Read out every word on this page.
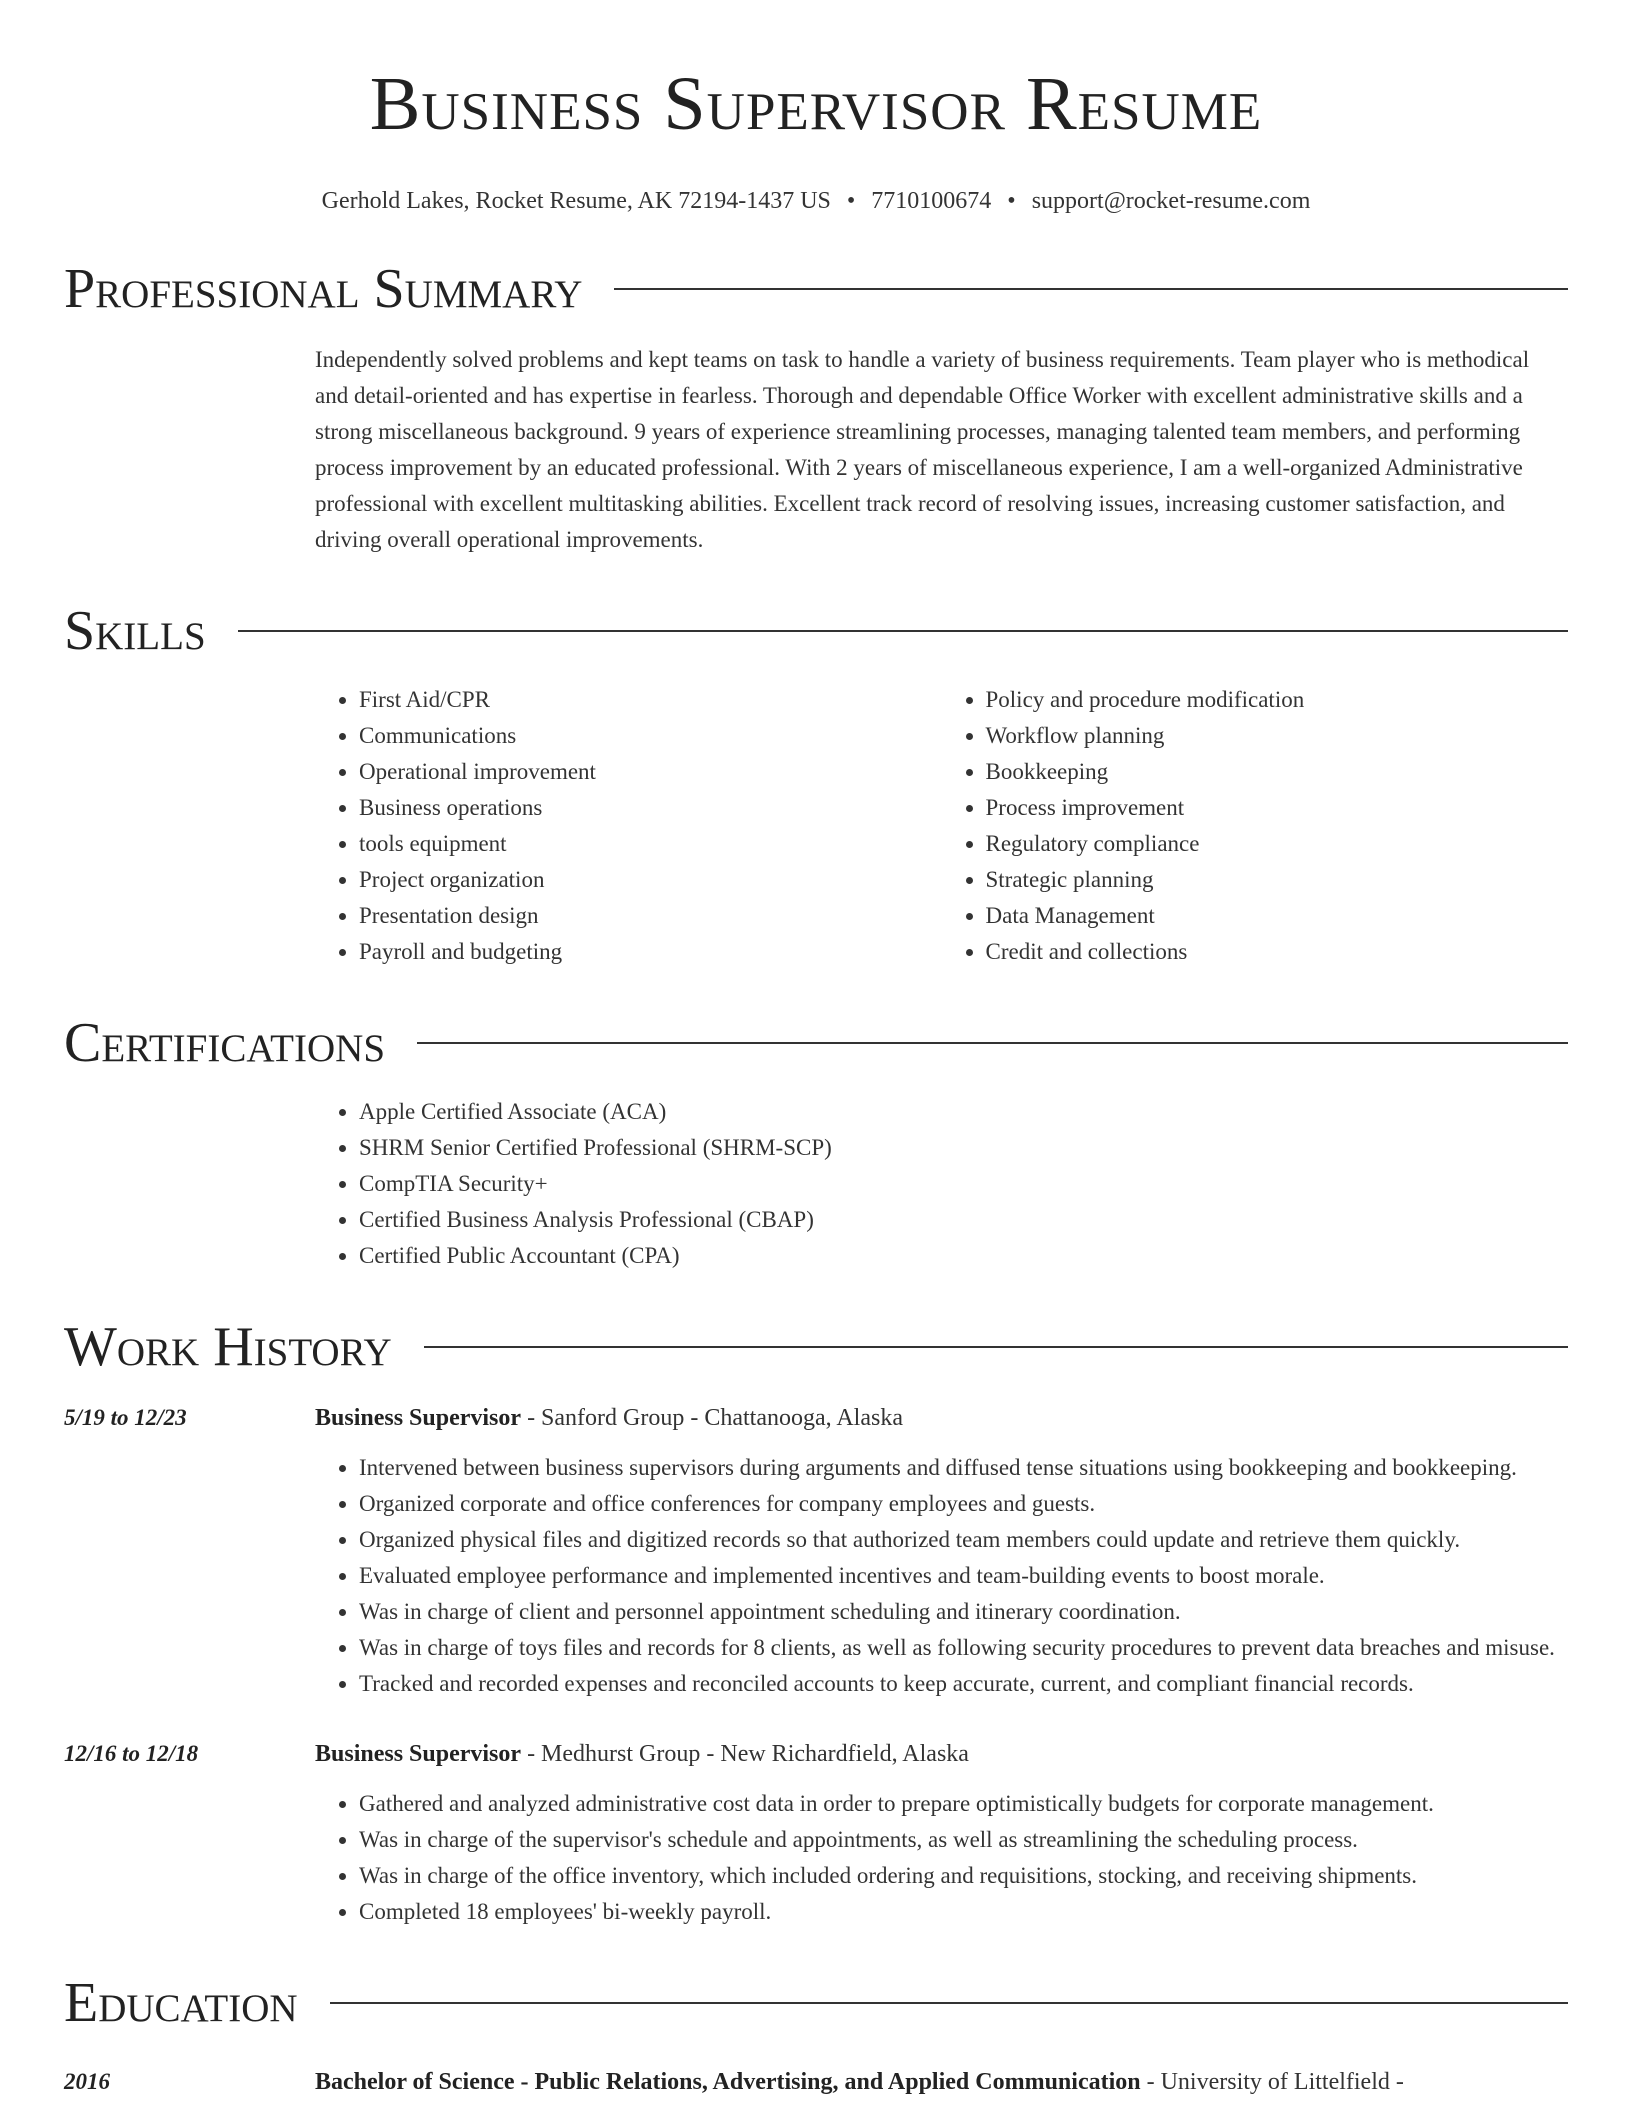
Business Supervisor Resume
Gerhold Lakes, Rocket Resume, AK 72194-1437 US • 7710100674 • support@rocket-resume.com
Professional Summary
Independently solved problems and kept teams on task to handle a variety of business requirements. Team player who is methodical and detail-oriented and has expertise in fearless. Thorough and dependable Office Worker with excellent administrative skills and a strong miscellaneous background. 9 years of experience streamlining processes, managing talented team members, and performing process improvement by an educated professional. With 2 years of miscellaneous experience, I am a well-organized Administrative professional with excellent multitasking abilities. Excellent track record of resolving issues, increasing customer satisfaction, and driving overall operational improvements.
Skills
• First Aid/CPR
• Communications
• Operational improvement
• Business operations
• tools equipment
• Project organization
• Presentation design
• Payroll and budgeting
• Policy and procedure modification
• Workflow planning
• Bookkeeping
• Process improvement
• Regulatory compliance
• Strategic planning
• Data Management
• Credit and collections
Certifications
• Apple Certified Associate (ACA)
• SHRM Senior Certified Professional (SHRM-SCP)
• CompTIA Security+
• Certified Business Analysis Professional (CBAP)
• Certified Public Accountant (CPA)
Work History
5/19 to 12/23	Business Supervisor - Sanford Group - Chattanooga, Alaska
• Intervened between business supervisors during arguments and diffused tense situations using bookkeeping and bookkeeping.
• Organized corporate and office conferences for company employees and guests.
• Organized physical files and digitized records so that authorized team members could update and retrieve them quickly.
• Evaluated employee performance and implemented incentives and team-building events to boost morale.
• Was in charge of client and personnel appointment scheduling and itinerary coordination.
• Was in charge of toys files and records for 8 clients, as well as following security procedures to prevent data breaches and misuse.
• Tracked and recorded expenses and reconciled accounts to keep accurate, current, and compliant financial records.
12/16 to 12/18	Business Supervisor - Medhurst Group - New Richardfield, Alaska
• Gathered and analyzed administrative cost data in order to prepare optimistically budgets for corporate management.
• Was in charge of the supervisor's schedule and appointments, as well as streamlining the scheduling process.
• Was in charge of the office inventory, which included ordering and requisitions, stocking, and receiving shipments.
• Completed 18 employees' bi-weekly payroll.
Education
2016	Bachelor of Science - Public Relations, Advertising, and Applied Communication - University of Littelfield -
